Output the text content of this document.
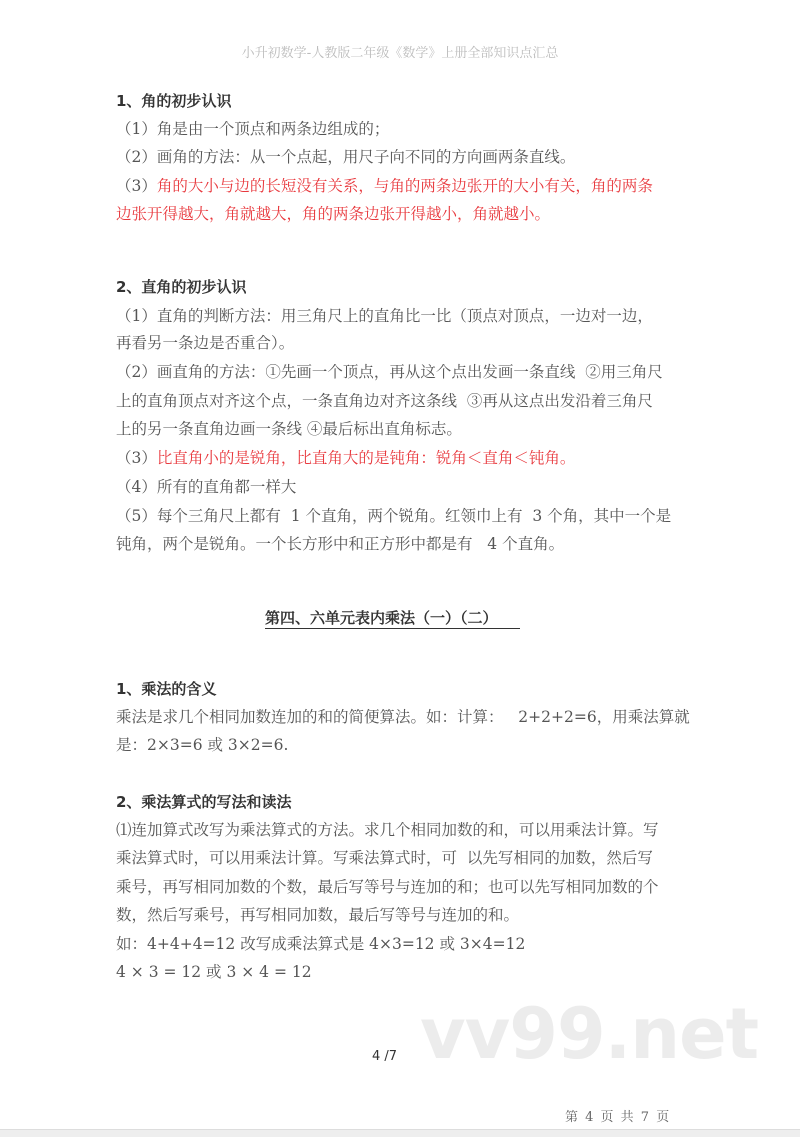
小升初数学-人教版二年级《数学》上册全部知识点汇总
1、角的初步认识
（1）角是由一个顶点和两条边组成的；
（2）画角的方法：从一个点起，用尺子向不同的方向画两条直线。
（3）角的大小与边的长短没有关系，与角的两条边张开的大小有关，角的两条
边张开得越大，角就越大，角的两条边张开得越小，角就越小。
2、直角的初步认识
（1）直角的判断方法：用三角尺上的直角比一比（顶点对顶点，一边对一边，
再看另一条边是否重合）。
（2）画直角的方法：①先画一个顶点，再从这个点出发画一条直线  ②用三角尺
上的直角顶点对齐这个点，一条直角边对齐这条线  ③再从这点出发沿着三角尺
上的另一条直角边画一条线 ④最后标出直角标志。
（3）比直角小的是锐角，比直角大的是钝角：锐角＜直角＜钝角。
（4）所有的直角都一样大
（5）每个三角尺上都有  1 个直角，两个锐角。红领巾上有  3 个角，其中一个是
钝角，两个是锐角。一个长方形中和正方形中都是有   4 个直角。
第四、六单元表内乘法（一）（二）
1、乘法的含义
乘法是求几个相同加数连加的和的简便算法。如：计算：   2+2+2=6，用乘法算就
是：2×3=6 或 3×2=6.
2、乘法算式的写法和读法
⑴连加算式改写为乘法算式的方法。求几个相同加数的和，可以用乘法计算。写
乘法算式时，可以用乘法计算。写乘法算式时，可  以先写相同的加数，然后写
乘号，再写相同加数的个数，最后写等号与连加的和；也可以先写相同加数的个
数，然后写乘号，再写相同加数，最后写等号与连加的和。
如：4+4+4=12 改写成乘法算式是 4×3=12 或 3×4=12
4 × 3 = 12 或 3 × 4 = 12
vv99.net
4 /7
第 4 页 共 7 页
